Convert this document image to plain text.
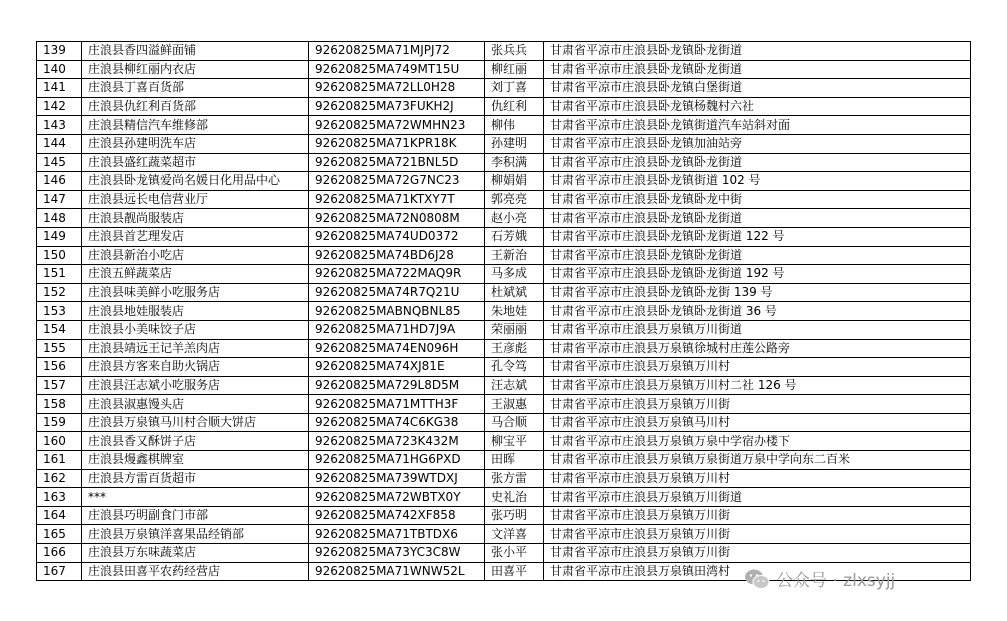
139	庄浪县香四溢鲜面铺	92620825MA71MJPJ72	张兵兵	甘肃省平凉市庄浪县卧龙镇卧龙街道
140	庄浪县柳红丽内衣店	92620825MA749MT15U	柳红丽	甘肃省平凉市庄浪县卧龙镇卧龙街道
141	庄浪县丁喜百货部	92620825MA72LL0H28	刘丁喜	甘肃省平凉市庄浪县卧龙镇白堡街道
142	庄浪县仇红利百货部	92620825MA73FUKH2J	仇红利	甘肃省平凉市庄浪县卧龙镇杨魏村六社
143	庄浪县精信汽车维修部	92620825MA72WMHN23	柳伟	甘肃省平凉市庄浪县卧龙镇街道汽车站斜对面
144	庄浪县孙建明洗车店	92620825MA71KPR18K	孙建明	甘肃省平凉市庄浪县卧龙镇加油站旁
145	庄浪县盛红蔬菜超市	92620825MA721BNL5D	李积满	甘肃省平凉市庄浪县卧龙镇卧龙街道
146	庄浪县卧龙镇爱尚名媛日化用品中心	92620825MA72G7NC23	柳娟娟	甘肃省平凉市庄浪县卧龙镇街道 102 号
147	庄浪县远长电信营业厅	92620825MA71KTXY7T	郭亮亮	甘肃省平凉市庄浪县卧龙镇卧龙中街
148	庄浪县靓尚服装店	92620825MA72N0808M	赵小亮	甘肃省平凉市庄浪县卧龙镇卧龙街道
149	庄浪县首艺理发店	92620825MA74UD0372	石芳娥	甘肃省平凉市庄浪县卧龙镇卧龙街道 122 号
150	庄浪县新治小吃店	92620825MA74BD6J28	王新治	甘肃省平凉市庄浪县卧龙镇卧龙街道
151	庄浪五鲜蔬菜店	92620825MA722MAQ9R	马多成	甘肃省平凉市庄浪县卧龙镇卧龙街道 192 号
152	庄浪县味美鲜小吃服务店	92620825MA74R7Q21U	杜斌斌	甘肃省平凉市庄浪县卧龙镇卧龙街 139 号
153	庄浪县地娃服装店	92620825MABNQBNL85	朱地娃	甘肃省平凉市庄浪县卧龙镇卧龙街道 36 号
154	庄浪县小美味饺子店	92620825MA71HD7J9A	荣丽丽	甘肃省平凉市庄浪县万泉镇万川街道
155	庄浪县靖远王记羊羔肉店	92620825MA74EN096H	王彦彪	甘肃省平凉市庄浪县万泉镇徐城村庄莲公路旁
156	庄浪县方客来自助火锅店	92620825MA74XJ81E	孔令笃	甘肃省平凉市庄浪县万泉镇万川村
157	庄浪县汪志斌小吃服务店	92620825MA729L8D5M	汪志斌	甘肃省平凉市庄浪县万泉镇万川村二社 126 号
158	庄浪县淑惠馒头店	92620825MA71MTTH3F	王淑惠	甘肃省平凉市庄浪县万泉镇万川街
159	庄浪县万泉镇马川村合顺大饼店	92620825MA74C6KG38	马合顺	甘肃省平凉市庄浪县万泉镇马川村
160	庄浪县香又酥饼子店	92620825MA723K432M	柳宝平	甘肃省平凉市庄浪县万泉镇万泉中学宿办楼下
161	庄浪县熳鑫棋牌室	92620825MA71HG6PXD	田晖	甘肃省平凉市庄浪县万泉镇万泉街道万泉中学向东二百米
162	庄浪县方雷百货超市	92620825MA739WTDXJ	张方雷	甘肃省平凉市庄浪县万泉镇万川村
163	***	92620825MA72WBTX0Y	史礼治	甘肃省平凉市庄浪县万泉镇万川街道
164	庄浪县巧明副食门市部	92620825MA742XF858	张巧明	甘肃省平凉市庄浪县万泉镇万川街
165	庄浪县万泉镇洋喜果品经销部	92620825MA71TBTDX6	文洋喜	甘肃省平凉市庄浪县万泉镇万川街
166	庄浪县万东味蔬菜店	92620825MA73YC3C8W	张小平	甘肃省平凉市庄浪县万泉镇万川街
167	庄浪县田喜平农药经营店	92620825MA71WNW52L	田喜平	甘肃省平凉市庄浪县万泉镇田湾村
公众号 · zlxsyjj
